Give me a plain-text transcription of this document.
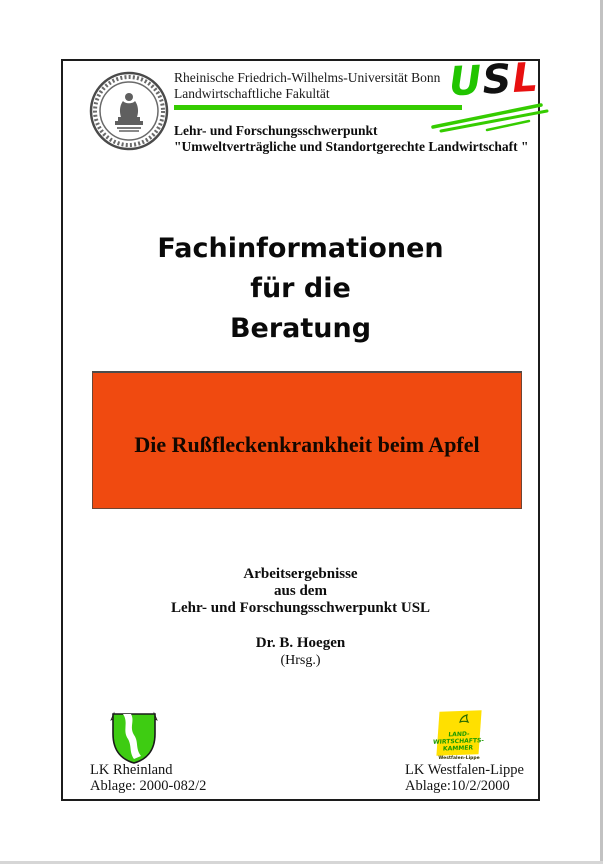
Rheinische Friedrich-Wilhelms-Universität Bonn
Landwirtschaftliche Fakultät	USL
Lehr- und Forschungsschwerpunkt
"Umweltverträgliche und Standortgerechte Landwirtschaft "
Fachinformationen
für die
Beratung
Die Rußfleckenkrankheit beim Apfel
Arbeitsergebnisse
aus dem
Lehr- und Forschungsschwerpunkt USL
Dr. B. Hoegen
(Hrsg.)
LK Rheinland
Ablage: 2000-082/2
LAND-
WIRTSCHAFTS-
KAMMER
Westfalen-Lippe
LK Westfalen-Lippe
Ablage:10/2/2000
